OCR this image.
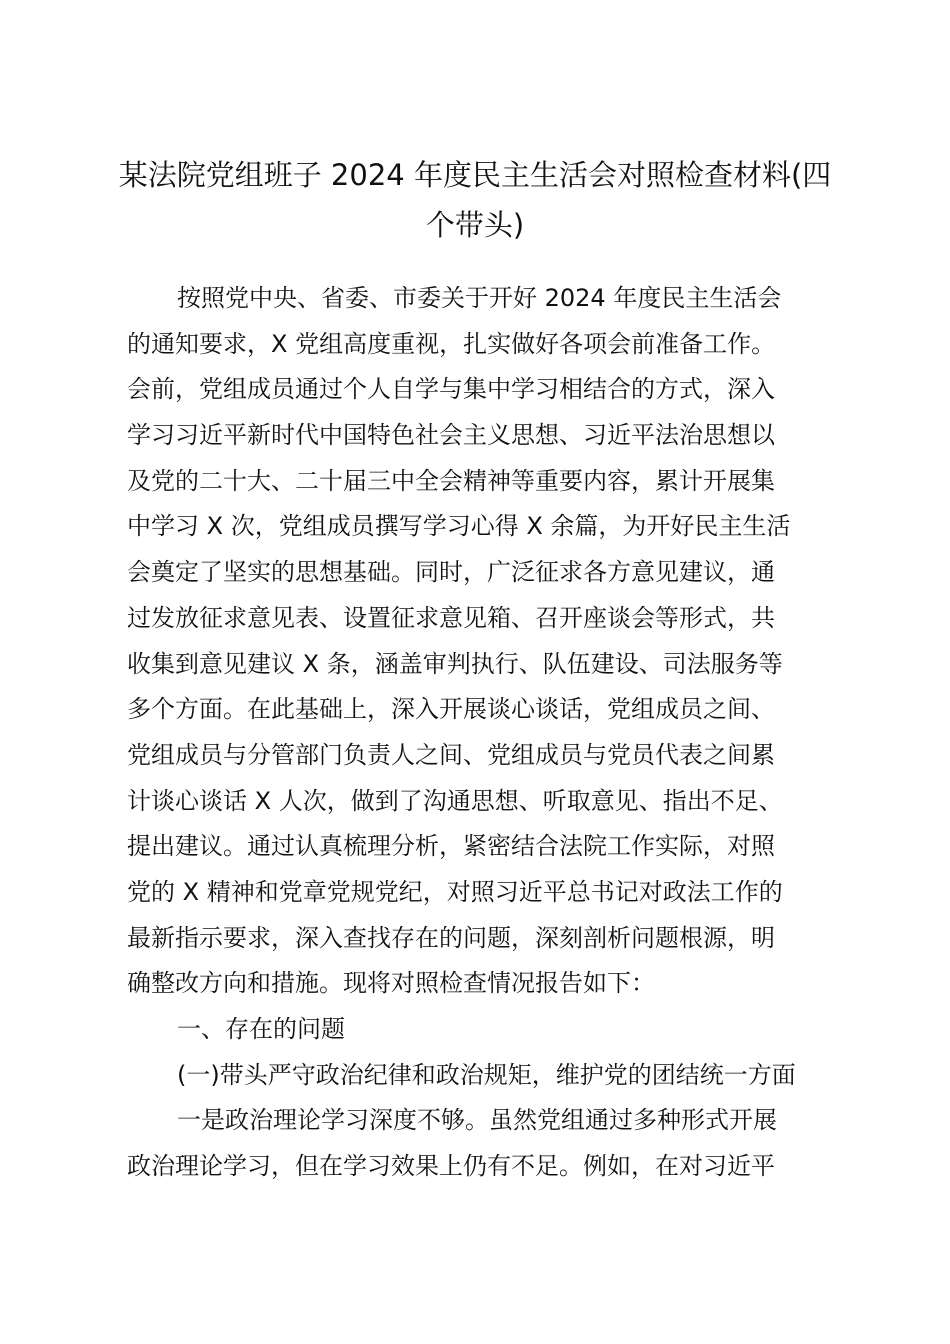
某法院党组班子 2024 年度民主生活会对照检查材料(四
个带头)
按照党中央、省委、市委关于开好 2024 年度民主生活会
的通知要求，X 党组高度重视，扎实做好各项会前准备工作。
会前，党组成员通过个人自学与集中学习相结合的方式，深入
学习习近平新时代中国特色社会主义思想、习近平法治思想以
及党的二十大、二十届三中全会精神等重要内容，累计开展集
中学习 X 次，党组成员撰写学习心得 X 余篇，为开好民主生活
会奠定了坚实的思想基础。同时，广泛征求各方意见建议，通
过发放征求意见表、设置征求意见箱、召开座谈会等形式，共
收集到意见建议 X 条，涵盖审判执行、队伍建设、司法服务等
多个方面。在此基础上，深入开展谈心谈话，党组成员之间、
党组成员与分管部门负责人之间、党组成员与党员代表之间累
计谈心谈话 X 人次，做到了沟通思想、听取意见、指出不足、
提出建议。通过认真梳理分析，紧密结合法院工作实际，对照
党的 X 精神和党章党规党纪，对照习近平总书记对政法工作的
最新指示要求，深入查找存在的问题，深刻剖析问题根源，明
确整改方向和措施。现将对照检查情况报告如下：
一、存在的问题
(一)带头严守政治纪律和政治规矩，维护党的团结统一方面
一是政治理论学习深度不够。虽然党组通过多种形式开展
政治理论学习，但在学习效果上仍有不足。例如，在对习近平
